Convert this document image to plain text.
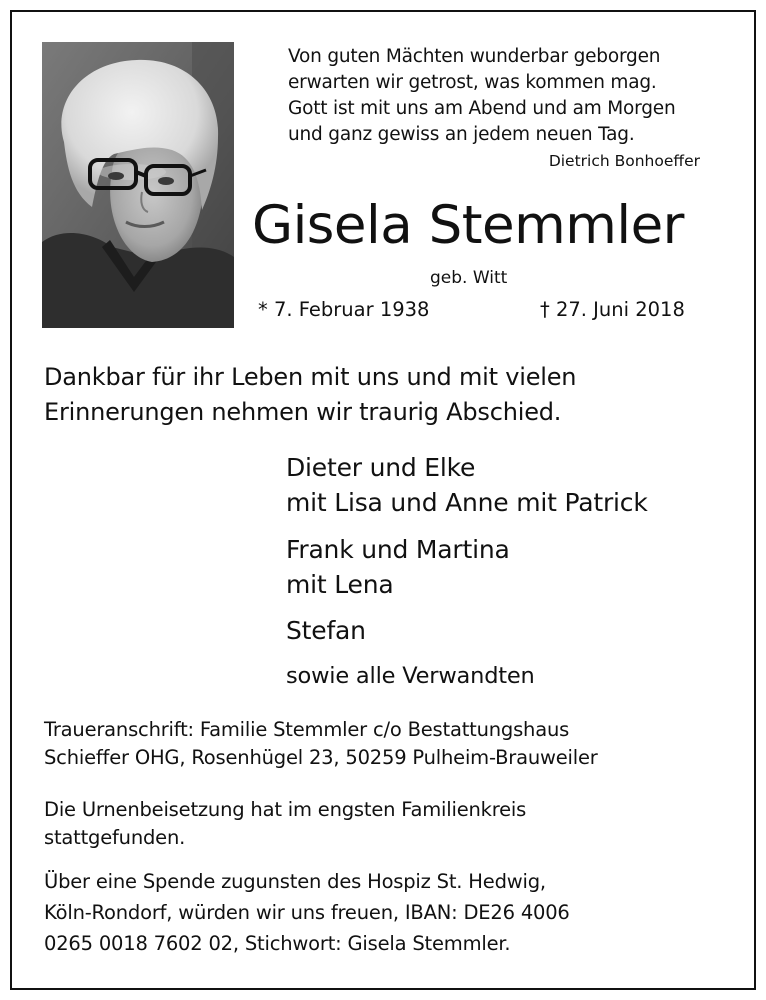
Von guten Mächten wunderbar geborgen
erwarten wir getrost, was kommen mag.
Gott ist mit uns am Abend und am Morgen
und ganz gewiss an jedem neuen Tag.
Dietrich Bonhoeffer
Gisela Stemmler
geb. Witt
* 7. Februar 1938	† 27. Juni 2018
Dankbar für ihr Leben mit uns und mit vielen
Erinnerungen nehmen wir traurig Abschied.
Dieter und Elke
mit Lisa und Anne mit Patrick
Frank und Martina
mit Lena
Stefan
sowie alle Verwandten
Traueranschrift: Familie Stemmler c/o Bestattungshaus
Schieffer OHG, Rosenhügel 23, 50259 Pulheim-Brauweiler
Die Urnenbeisetzung hat im engsten Familienkreis
stattgefunden.
Über eine Spende zugunsten des Hospiz St. Hedwig,
Köln-Rondorf, würden wir uns freuen, IBAN: DE26 4006
0265 0018 7602 02, Stichwort: Gisela Stemmler.
